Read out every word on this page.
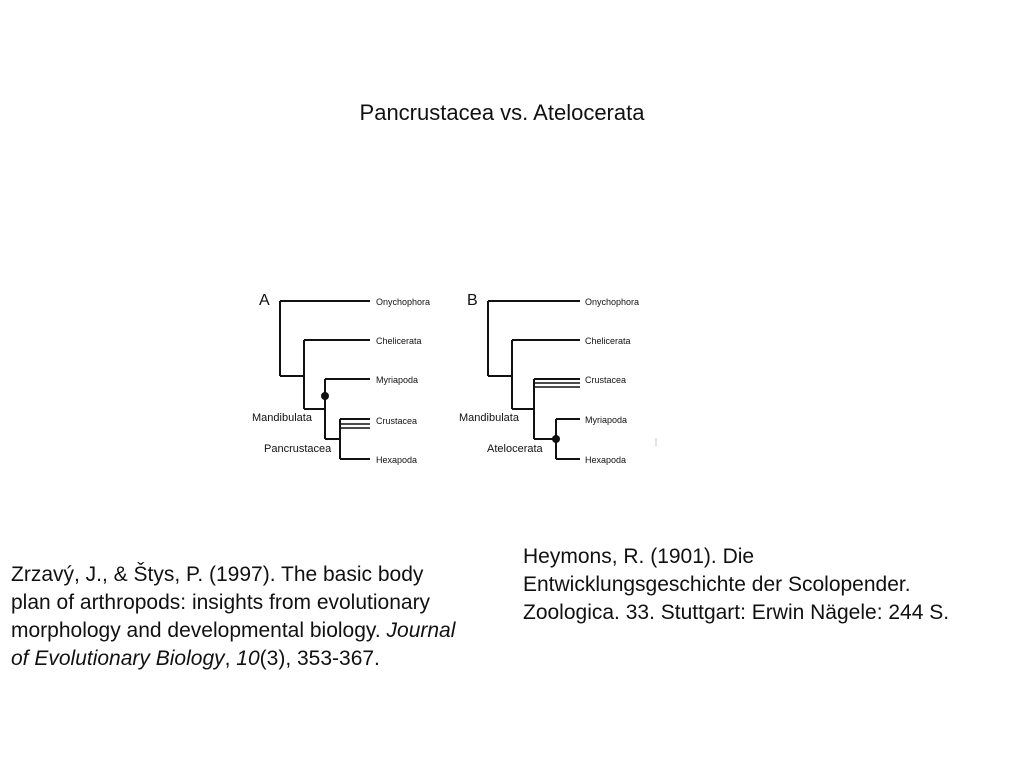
Pancrustacea vs. Atelocerata
A	Onychophora
Chelicerata
Myriapoda
Crustacea
Hexapoda
Mandibulata
Pancrustacea
B	Onychophora
Chelicerata
Crustacea
Myriapoda
Hexapoda
Mandibulata
Atelocerata
Zrzavý, J., & Štys, P. (1997). The basic body plan of arthropods: insights from evolutionary morphology and developmental biology. Journal of Evolutionary Biology, 10(3), 353-367.
Heymons, R. (1901). Die Entwicklungsgeschichte der Scolopender. Zoologica. 33. Stuttgart: Erwin Nägele: 244 S.
